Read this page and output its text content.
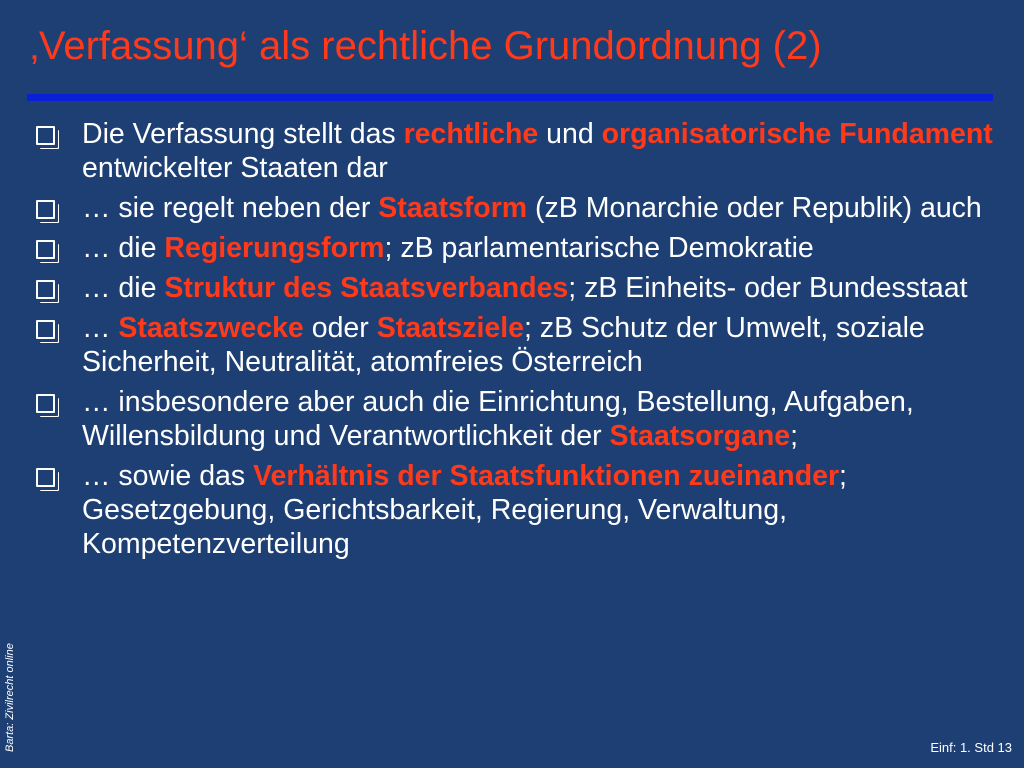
‚Verfassung‘ als rechtliche Grundordnung (2)
Die Verfassung stellt das rechtliche und organisatorische Fundament entwickelter Staaten dar
… sie regelt neben der Staatsform (zB Monarchie oder Republik) auch
… die Regierungsform; zB parlamentarische Demokratie
… die Struktur des Staatsverbandes; zB Einheits- oder Bundesstaat
… Staatszwecke oder Staatsziele; zB Schutz der Umwelt, soziale Sicherheit, Neutralität, atomfreies Österreich
… insbesondere aber auch die Einrichtung, Bestellung, Aufgaben, Willensbildung und Verantwortlichkeit der Staatsorgane;
… sowie das Verhältnis der Staatsfunktionen zueinander; Gesetzgebung, Gerichtsbarkeit, Regierung, Verwaltung, Kompetenzverteilung
Barta: Zivilrecht online	Einf: 1. Std 13
